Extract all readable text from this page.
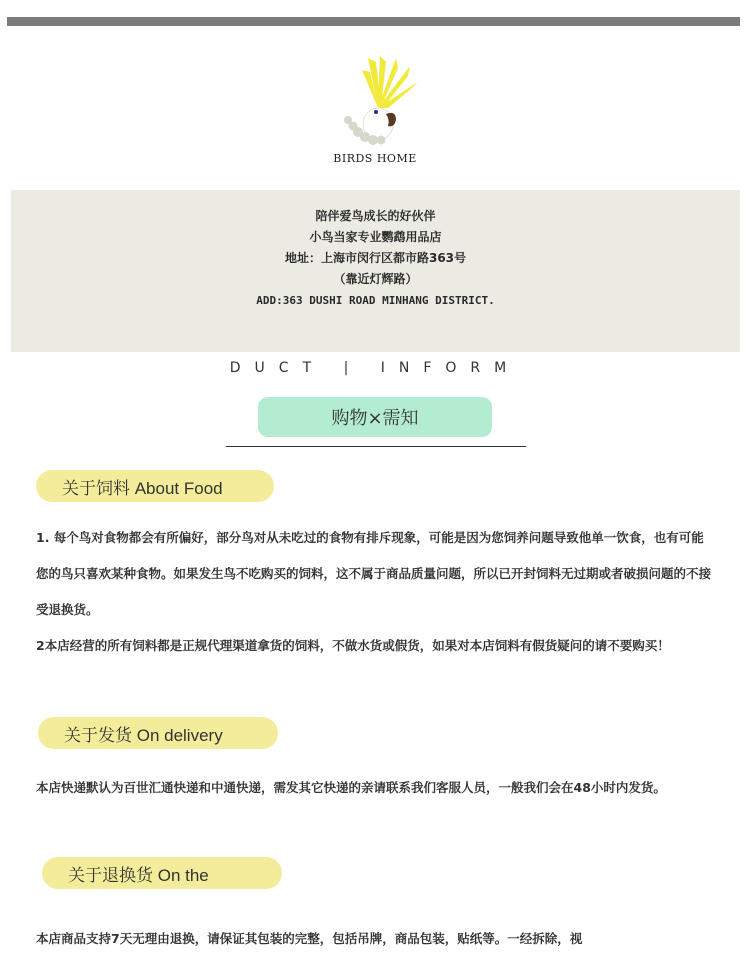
BIRDS HOME
陪伴爱鸟成长的好伙伴
小鸟当家专业鹦鹉用品店
地址：上海市闵行区都市路363号
（靠近灯辉路）
ADD:363 DUSHI ROAD MINHANG DISTRICT.
DUCT | INFORM
购物×需知
关于饲料 About Food
1. 每个鸟对食物都会有所偏好，部分鸟对从未吃过的食物有排斥现象，可能是因为您饲养问题导致他单一饮食，也有可能您的鸟只喜欢某种食物。如果发生鸟不吃购买的饲料，这不属于商品质量问题，所以已开封饲料无过期或者破损问题的不接受退换货。
2本店经营的所有饲料都是正规代理渠道拿货的饲料，不做水货或假货，如果对本店饲料有假货疑问的请不要购买！
关于发货 On delivery
本店快递默认为百世汇通快递和中通快递，需发其它快递的亲请联系我们客服人员，一般我们会在48小时内发货。
关于退换货 On the
本店商品支持7天无理由退换，请保证其包装的完整，包括吊牌，商品包装，贴纸等。一经拆除，视
